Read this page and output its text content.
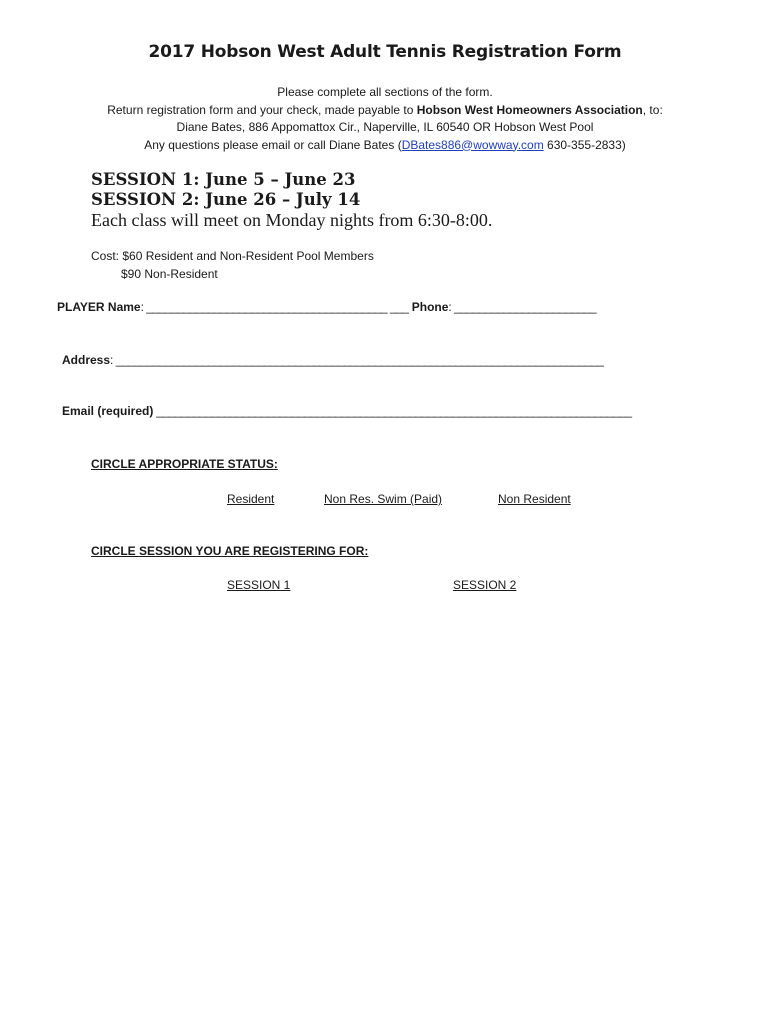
2017 Hobson West Adult Tennis Registration Form
Please complete all sections of the form.
Return registration form and your check, made payable to Hobson West Homeowners Association, to:
Diane Bates, 886 Appomattox Cir., Naperville, IL 60540 OR Hobson West Pool
Any questions please email or call Diane Bates (DBates886@wowway.com 630-355-2833)
SESSION 1: June 5 – June 23
SESSION 2: June 26 – July 14
Each class will meet on Monday nights from 6:30-8:00.
Cost: $60 Resident and Non-Resident Pool Members
$90 Non-Resident
PLAYER Name: _______________________________________ ___ Phone: _______________________
Address: _______________________________________________________________________________
Email (required) _____________________________________________________________________________
CIRCLE APPROPRIATE STATUS:
Resident	Non Res. Swim (Paid)	Non Resident
CIRCLE SESSION YOU ARE REGISTERING FOR:
SESSION 1	SESSION 2
